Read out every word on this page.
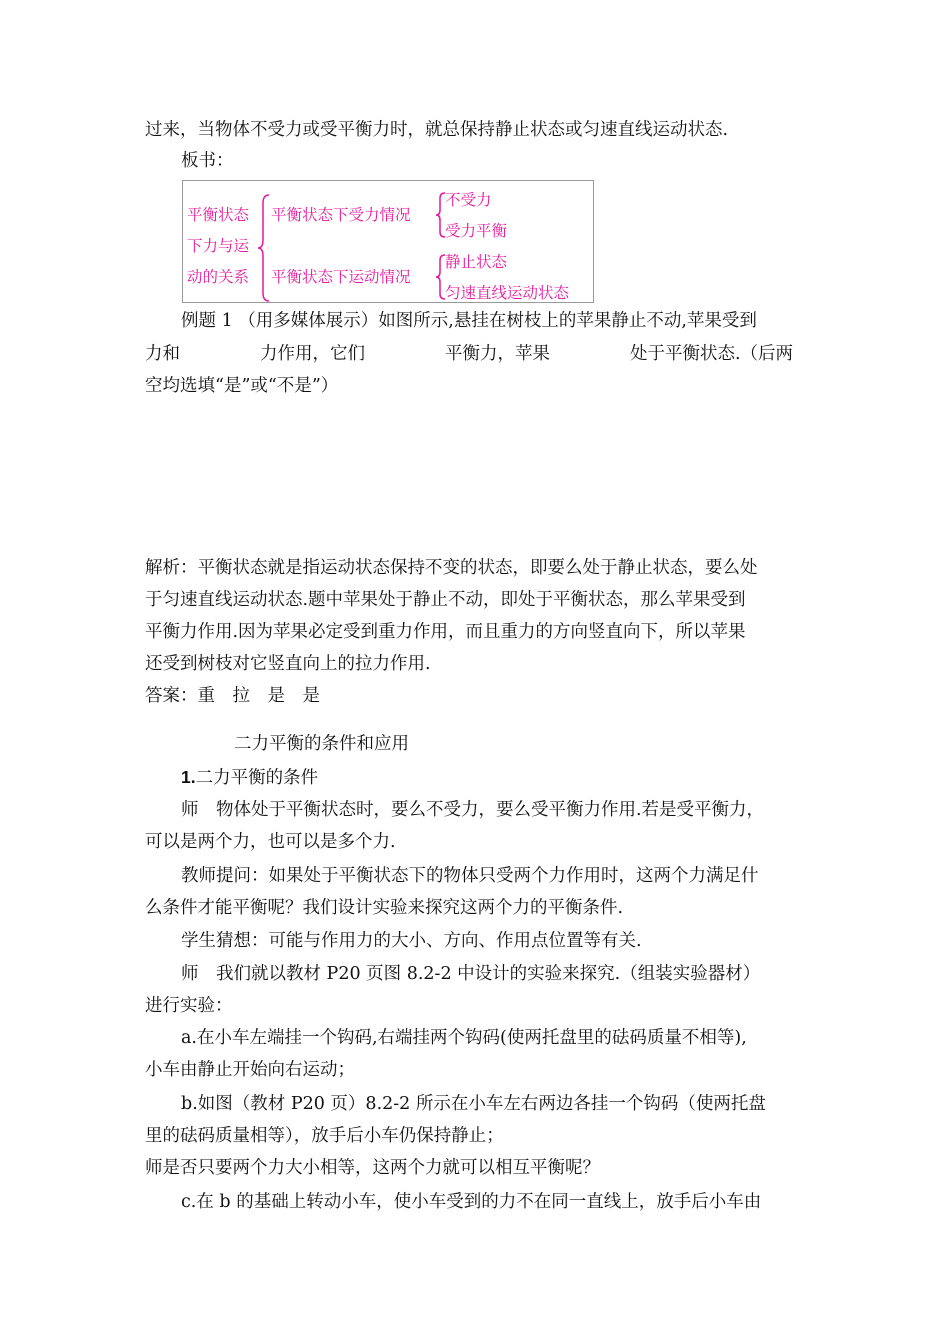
过来，当物体不受力或受平衡力时，就总保持静止状态或匀速直线运动状态.
板书：
平衡状态
下力与运
动的关系
平衡状态下受力情况
不受力
受力平衡
平衡状态下运动情况
静止状态
匀速直线运动状态
例题 1 （用多媒体展示）如图所示,悬挂在树枝上的苹果静止不动,苹果受到
力和	力作用，它们	平衡力，苹果	处于平衡状态.（后两
空均选填“是”或“不是”）
解析：平衡状态就是指运动状态保持不变的状态，即要么处于静止状态，要么处
于匀速直线运动状态.题中苹果处于静止不动，即处于平衡状态，那么苹果受到
平衡力作用.因为苹果必定受到重力作用，而且重力的方向竖直向下，所以苹果
还受到树枝对它竖直向上的拉力作用.
答案：重　拉　是　是
二力平衡的条件和应用
1.二力平衡的条件
师　物体处于平衡状态时，要么不受力，要么受平衡力作用.若是受平衡力，
可以是两个力，也可以是多个力.
教师提问：如果处于平衡状态下的物体只受两个力作用时，这两个力满足什
么条件才能平衡呢？我们设计实验来探究这两个力的平衡条件.
学生猜想：可能与作用力的大小、方向、作用点位置等有关.
师　我们就以教材 P20 页图 8.2-2 中设计的实验来探究.（组装实验器材）
进行实验：
a.在小车左端挂一个钩码,右端挂两个钩码(使两托盘里的砝码质量不相等),
小车由静止开始向右运动；
b.如图（教材 P20 页）8.2-2 所示在小车左右两边各挂一个钩码（使两托盘
里的砝码质量相等），放手后小车仍保持静止；
师是否只要两个力大小相等，这两个力就可以相互平衡呢？
c.在 b 的基础上转动小车，使小车受到的力不在同一直线上，放手后小车由
